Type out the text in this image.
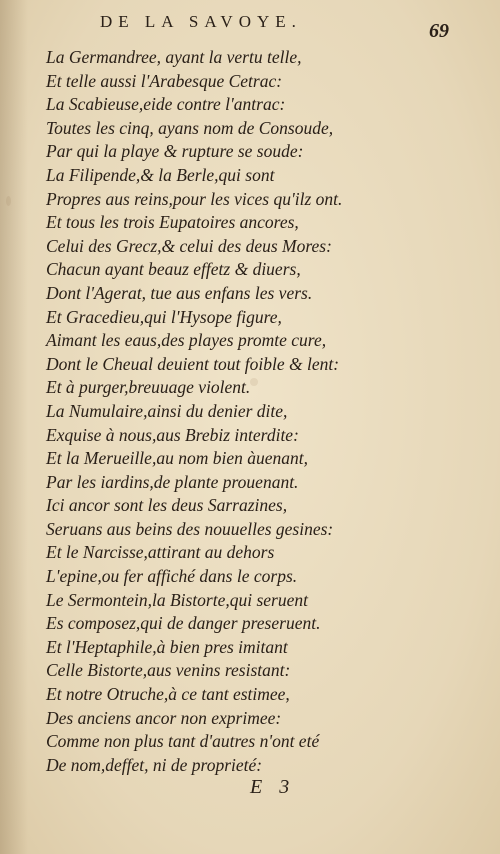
DE LA SAVOYE.	69
La Germandree, ayant la vertu telle,
Et telle aussi l'Arabesque Cetrac:
La Scabieuse,eide contre l'antrac:
Toutes les cinq, ayans nom de Consoude,
Par qui la playe & rupture se soude:
La Filipende,& la Berle,qui sont
Propres aus reins,pour les vices qu'ilz ont.
Et tous les trois Eupatoires ancores,
Celui des Grecz,& celui des deus Mores:
Chacun ayant beauz effetz & diuers,
Dont l'Agerat, tue aus enfans les vers.
Et Gracedieu,qui l'Hysope figure,
Aimant les eaus,des playes promte cure,
Dont le Cheual deuient tout foible & lent:
Et à purger,breuuage violent.
La Numulaire,ainsi du denier dite,
Exquise à nous,aus Brebiz interdite:
Et la Merueille,au nom bien àuenant,
Par les iardins,de plante prouenant.
Ici ancor sont les deus Sarrazines,
Seruans aus beins des nouuelles gesines:
Et le Narcisse,attirant au dehors
L'epine,ou fer affiché dans le corps.
Le Sermontein,la Bistorte,qui seruent
Es composez,qui de danger preseruent.
Et l'Heptaphile,à bien pres imitant
Celle Bistorte,aus venins resistant:
Et notre Otruche,à ce tant estimee,
Des anciens ancor non exprimee:
Comme non plus tant d'autres n'ont eté
De nom,deffet, ni de proprieté:
E 3
